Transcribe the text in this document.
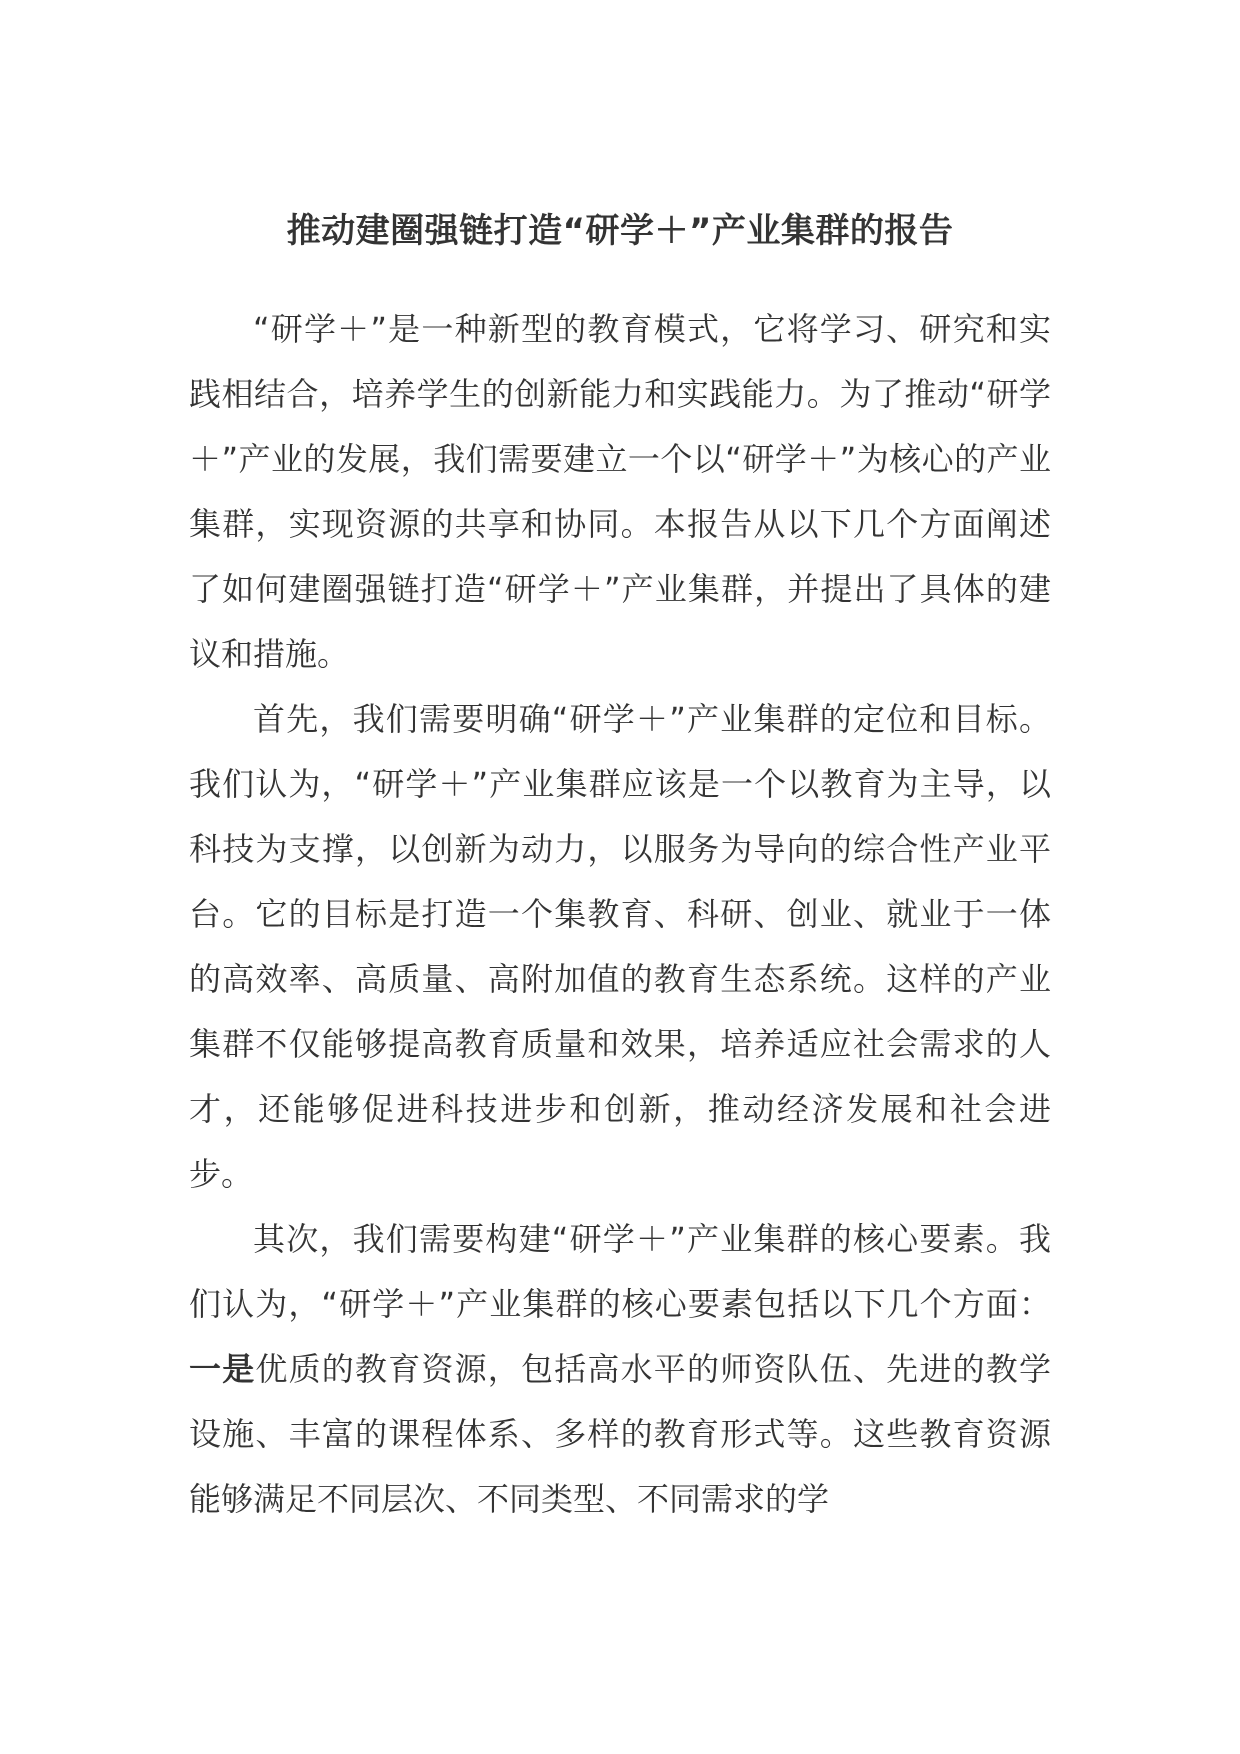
推动建圈强链打造“研学＋”产业集群的报告

“研学＋”是一种新型的教育模式，它将学习、研究和实践相结合，培养学生的创新能力和实践能力。为了推动“研学＋”产业的发展，我们需要建立一个以“研学＋”为核心的产业集群，实现资源的共享和协同。本报告从以下几个方面阐述了如何建圈强链打造“研学＋”产业集群，并提出了具体的建议和措施。

首先，我们需要明确“研学＋”产业集群的定位和目标。我们认为，“研学＋”产业集群应该是一个以教育为主导，以科技为支撑，以创新为动力，以服务为导向的综合性产业平台。它的目标是打造一个集教育、科研、创业、就业于一体的高效率、高质量、高附加值的教育生态系统。这样的产业集群不仅能够提高教育质量和效果，培养适应社会需求的人才，还能够促进科技进步和创新，推动经济发展和社会进步。

其次，我们需要构建“研学＋”产业集群的核心要素。我们认为，“研学＋”产业集群的核心要素包括以下几个方面：一是优质的教育资源，包括高水平的师资队伍、先进的教学设施、丰富的课程体系、多样的教育形式等。这些教育资源能够满足不同层次、不同类型、不同需求的学
